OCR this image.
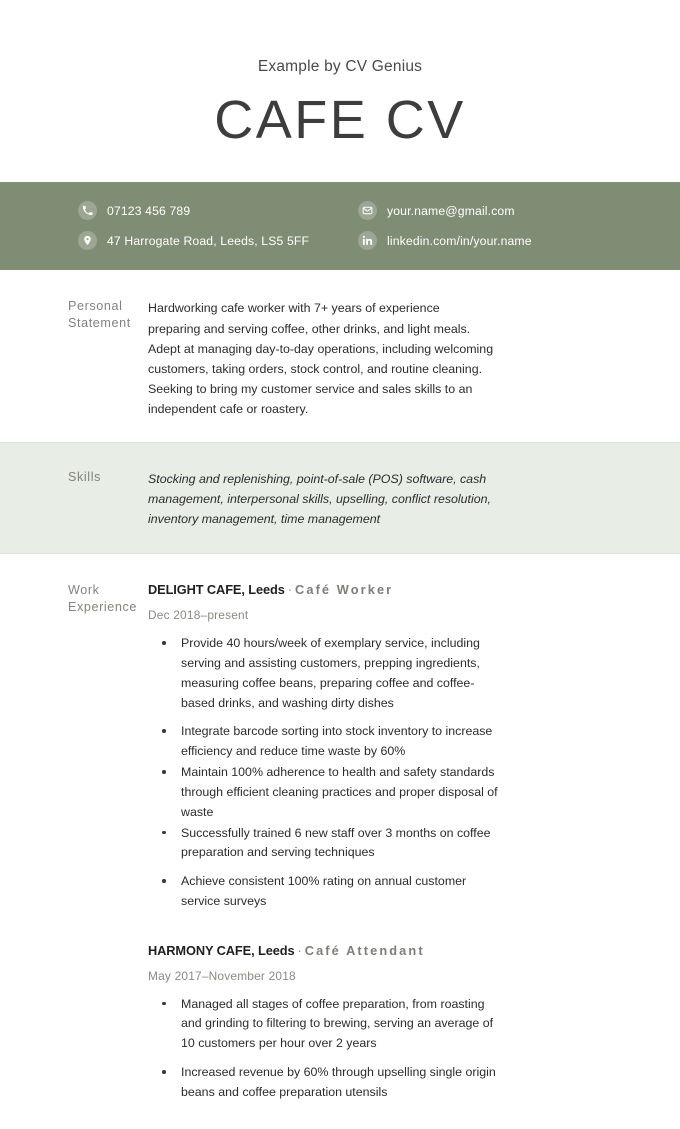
Example by CV Genius
CAFE CV
07123 456 789
47 Harrogate Road, Leeds, LS5 5FF
your.name@gmail.com
linkedin.com/in/your.name
Personal Statement
Hardworking cafe worker with 7+ years of experience preparing and serving coffee, other drinks, and light meals. Adept at managing day-to-day operations, including welcoming customers, taking orders, stock control, and routine cleaning. Seeking to bring my customer service and sales skills to an independent cafe or roastery.
Skills	Stocking and replenishing, point-of-sale (POS) software, cash management, interpersonal skills, upselling, conflict resolution, inventory management, time management
Work Experience
DELIGHT CAFE, Leeds · Café Worker
Dec 2018–present
Provide 40 hours/week of exemplary service, including serving and assisting customers, prepping ingredients, measuring coffee beans, preparing coffee and coffee-based drinks, and washing dirty dishes
Integrate barcode sorting into stock inventory to increase efficiency and reduce time waste by 60%
Maintain 100% adherence to health and safety standards through efficient cleaning practices and proper disposal of waste
Successfully trained 6 new staff over 3 months on coffee preparation and serving techniques
Achieve consistent 100% rating on annual customer service surveys
HARMONY CAFE, Leeds · Café Attendant
May 2017–November 2018
Managed all stages of coffee preparation, from roasting and grinding to filtering to brewing, serving an average of 10 customers per hour over 2 years
Increased revenue by 60% through upselling single origin beans and coffee preparation utensils
